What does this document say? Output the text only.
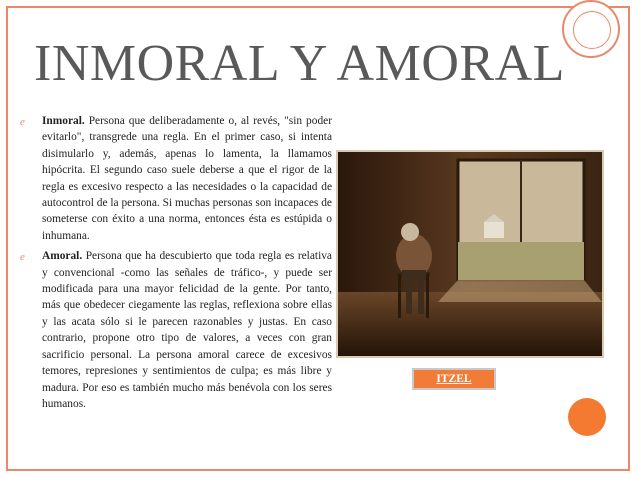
INMORAL Y AMORAL
e Inmoral. Persona que deliberadamente o, al revés, "sin poder evitarlo", transgrede una regla. En el primer caso, si intenta disimularlo y, además, apenas lo lamenta, la llamamos hipócrita. El segundo caso suele deberse a que el rigor de la regla es excesivo respecto a las necesidades o la capacidad de autocontrol de la persona. Si muchas personas son incapaces de someterse con éxito a una norma, entonces ésta es estúpida o inhumana.
e Amoral. Persona que ha descubierto que toda regla es relativa y convencional -como las señales de tráfico-, y puede ser modificada para una mayor felicidad de la gente. Por tanto, más que obedecer ciegamente las reglas, reflexiona sobre ellas y las acata sólo si le parecen razonables y justas. En caso contrario, propone otro tipo de valores, a veces con gran sacrificio personal. La persona amoral carece de excesivos temores, represiones y sentimientos de culpa; es más libre y madura. Por eso es también mucho más benévola con los seres humanos.
ITZEL
